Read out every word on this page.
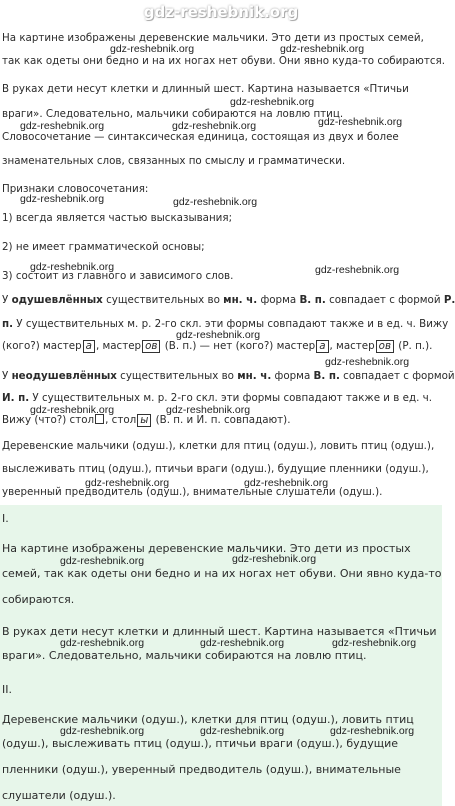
gdz-reshebnik.org
На картине изображены деревенские мальчики. Это дети из простых семей,
так как одеты они бедно и на их ногах нет обуви. Они явно куда-то собираются.
В руках дети несут клетки и длинный шест. Картина называется «Птичьи
враги». Следовательно, мальчики собираются на ловлю птиц.
Словосочетание — синтаксическая единица, состоящая из двух и более
знаменательных слов, связанных по смыслу и грамматически.
Признаки словосочетания:
1) всегда является частью высказывания;
2) не имеет грамматической основы;
3) состоит из главного и зависимого слов.
У одушевлённых существительных во мн. ч. форма В. п. совпадает с формой Р.
п. У существительных м. р. 2-го скл. эти формы совпадают также и в ед. ч. Вижу
(кого?) мастер а , мастер ов (В. п.) — нет (кого?) мастер а , мастер ов (Р. п.).
У неодушевлённых существительных во мн. ч. форма В. п. совпадает с формой
И. п. У существительных м. р. 2-го скл. эти формы совпадают также и в ед. ч.
Вижу (что?) стол , стол ы (В. п. и И. п. совпадают).
Деревенские мальчики (одуш.), клетки для птиц (одуш.), ловить птиц (одуш.),
выслеживать птиц (одуш.), птичьи враги (одуш.), будущие пленники (одуш.),
уверенный предводитель (одуш.), внимательные слушатели (одуш.).
I.
На картине изображены деревенские мальчики. Это дети из простых
семей, так как одеты они бедно и на их ногах нет обуви. Они явно куда-то
собираются.
В руках дети несут клетки и длинный шест. Картина называется «Птичьи
враги». Следовательно, мальчики собираются на ловлю птиц.
II.
Деревенские мальчики (одуш.), клетки для птиц (одуш.), ловить птиц
(одуш.), выслеживать птиц (одуш.), птичьи враги (одуш.), будущие
пленники (одуш.), уверенный предводитель (одуш.), внимательные
слушатели (одуш.).
gdz-reshebnik.org	gdz-reshebnik.org
gdz-reshebnik.org
gdz-reshebnik.org	gdz-reshebnik.org	gdz-reshebnik.org
gdz-reshebnik.org	gdz-reshebnik.org
gdz-reshebnik.org	gdz-reshebnik.org
gdz-reshebnik.org
gdz-reshebnik.org
gdz-reshebnik.org	gdz-reshebnik.org
gdz-reshebnik.org	gdz-reshebnik.org
gdz-reshebnik.org	gdz-reshebnik.org
gdz-reshebnik.org	gdz-reshebnik.org	gdz-reshebnik.org
gdz-reshebnik.org	gdz-reshebnik.org	gdz-reshebnik.org
